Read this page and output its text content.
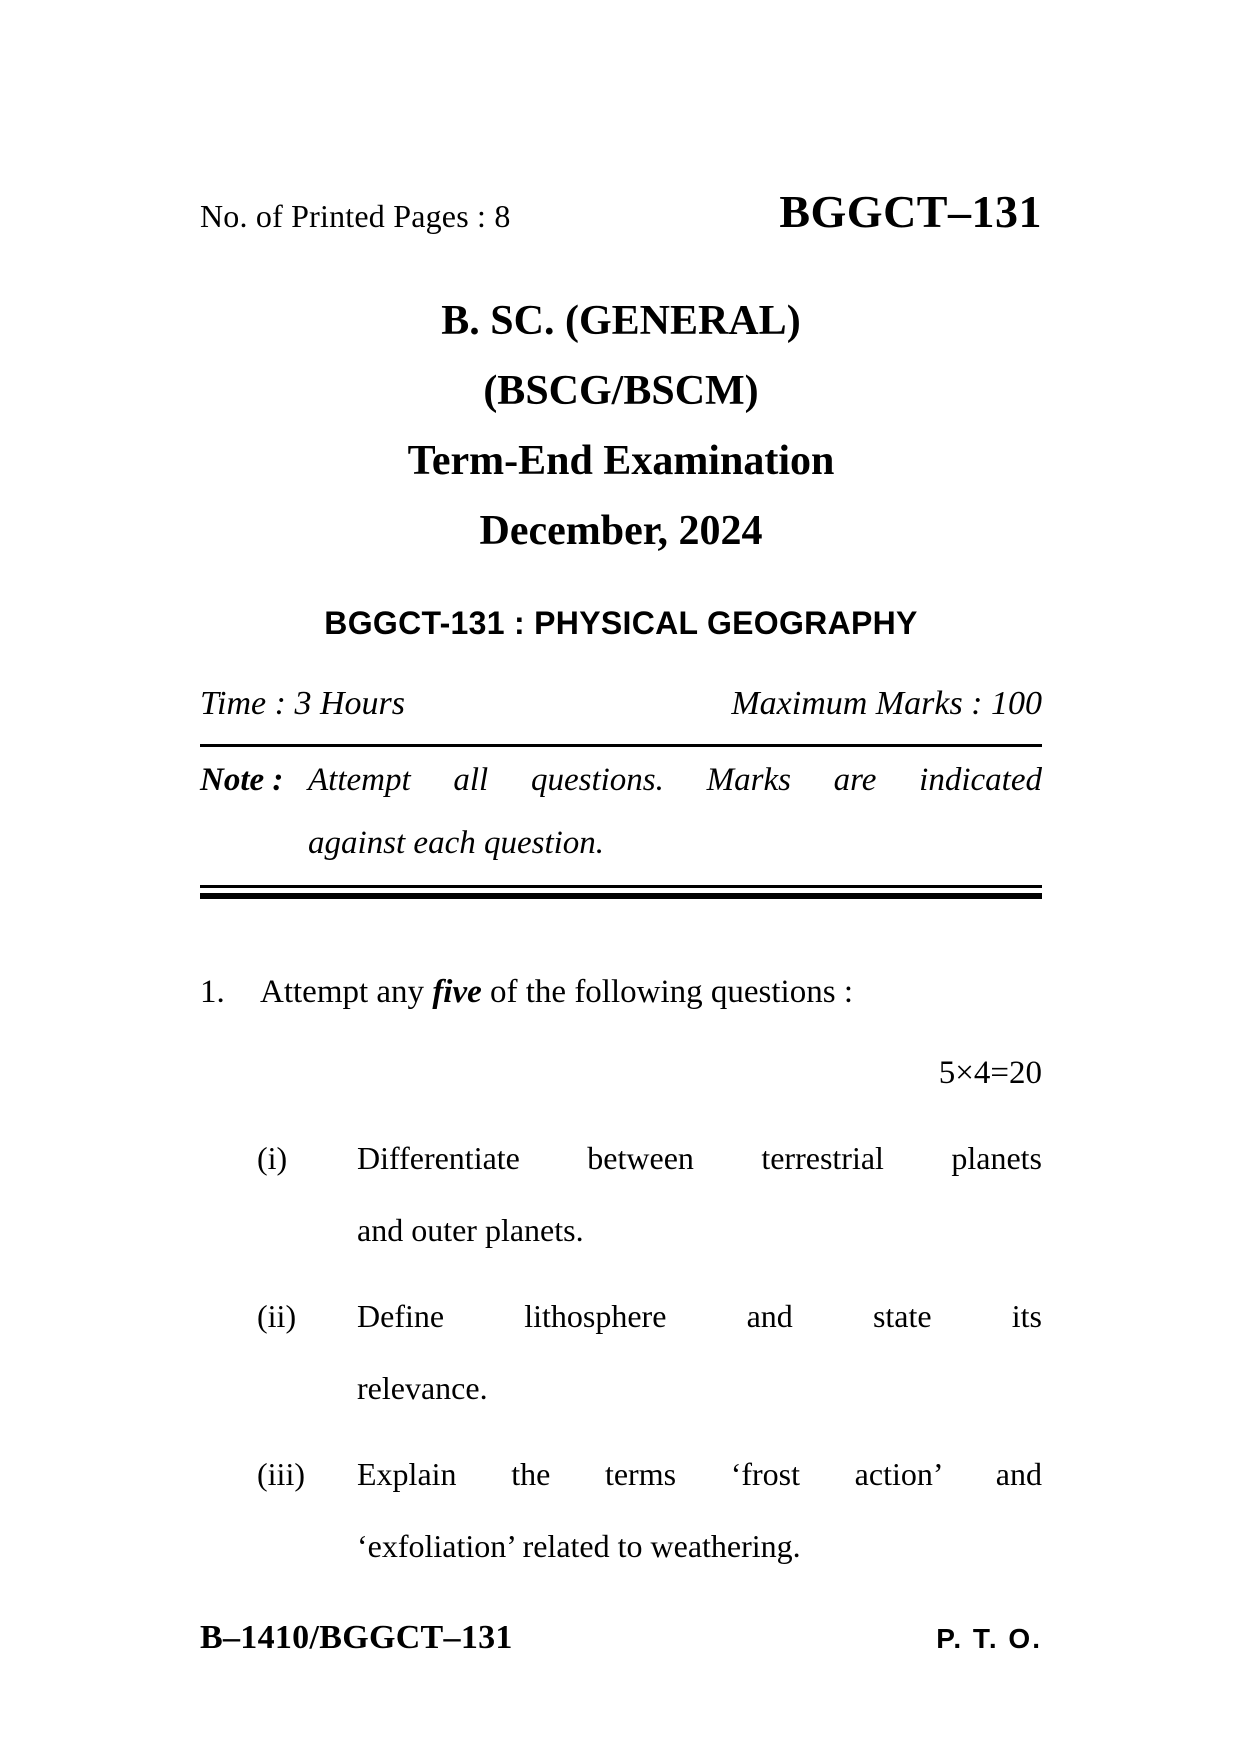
No. of Printed Pages : 8	BGGCT–131
B. SC. (GENERAL)
(BSCG/BSCM)
Term-End Examination
December, 2024
BGGCT-131 : PHYSICAL GEOGRAPHY
Time : 3 Hours	Maximum Marks : 100
Note : Attempt all questions. Marks are indicated
against each question.
1.	Attempt any five of the following questions :
5×4=20
(i)	Differentiate between terrestrial planets
and outer planets.
(ii)	Define lithosphere and state its
relevance.
(iii)	Explain the terms ‘frost action’ and
‘exfoliation’ related to weathering.
B–1410/BGGCT–131	P. T. O.
